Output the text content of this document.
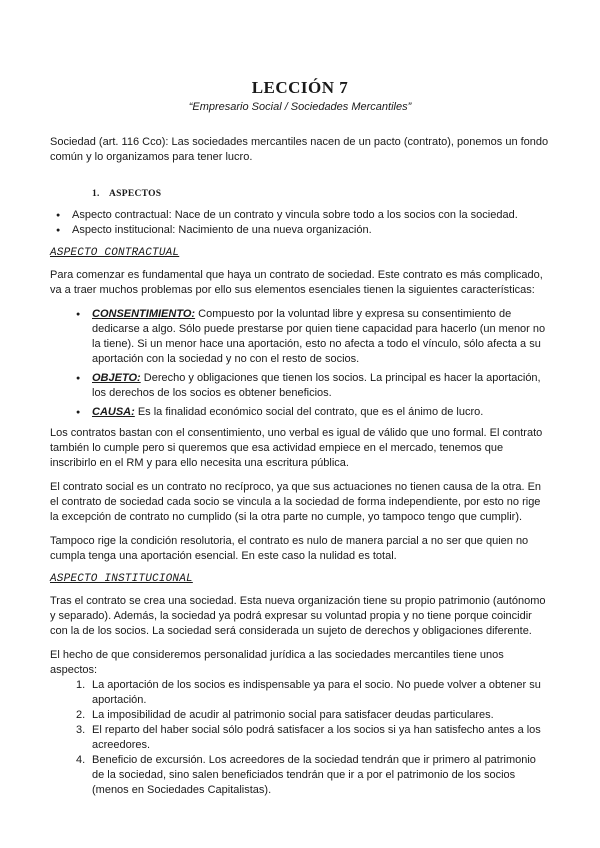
LECCIÓN 7
“Empresario Social / Sociedades Mercantiles”

Sociedad (art. 116 Cco): Las sociedades mercantiles nacen de un pacto (contrato), ponemos un fondo común y lo organizamos para tener lucro.

1. ASPECTOS
● Aspecto contractual: Nace de un contrato y vincula sobre todo a los socios con la sociedad.
● Aspecto institucional: Nacimiento de una nueva organización.
ASPECTO CONTRACTUAL

Para comenzar es fundamental que haya un contrato de sociedad. Este contrato es más complicado, va a traer muchos problemas por ello sus elementos esenciales tienen la siguientes características:

● CONSENTIMIENTO: Compuesto por la voluntad libre y expresa su consentimiento de dedicarse a algo. Sólo puede prestarse por quien tiene capacidad para hacerlo (un menor no la tiene). Si un menor hace una aportación, esto no afecta a todo el vínculo, sólo afecta a su aportación con la sociedad y no con el resto de socios.
● OBJETO: Derecho y obligaciones que tienen los socios. La principal es hacer la aportación, los derechos de los socios es obtener beneficios.
● CAUSA: Es la finalidad económico social del contrato, que es el ánimo de lucro.

Los contratos bastan con el consentimiento, uno verbal es igual de válido que uno formal. El contrato también lo cumple pero si queremos que esa actividad empiece en el mercado, tenemos que inscribirlo en el RM y para ello necesita una escritura pública.

El contrato social es un contrato no recíproco, ya que sus actuaciones no tienen causa de la otra. En el contrato de sociedad cada socio se vincula a la sociedad de forma independiente, por esto no rige la excepción de contrato no cumplido (si la otra parte no cumple, yo tampoco tengo que cumplir).

Tampoco rige la condición resolutoria, el contrato es nulo de manera parcial a no ser que quien no cumpla tenga una aportación esencial. En este caso la nulidad es total.

ASPECTO INSTITUCIONAL

Tras el contrato se crea una sociedad. Esta nueva organización tiene su propio patrimonio (autónomo y separado). Además, la sociedad ya podrá expresar su voluntad propia y no tiene porque coincidir con la de los socios. La sociedad será considerada un sujeto de derechos y obligaciones diferente.

El hecho de que consideremos personalidad jurídica a las sociedades mercantiles tiene unos aspectos:

1. La aportación de los socios es indispensable ya para el socio. No puede volver a obtener su aportación.
2. La imposibilidad de acudir al patrimonio social para satisfacer deudas particulares.
3. El reparto del haber social sólo podrá satisfacer a los socios si ya han satisfecho antes a los acreedores.
4. Beneficio de excursión. Los acreedores de la sociedad tendrán que ir primero al patrimonio de la sociedad, sino salen beneficiados tendrán que ir a por el patrimonio de los socios (menos en Sociedades Capitalistas).
